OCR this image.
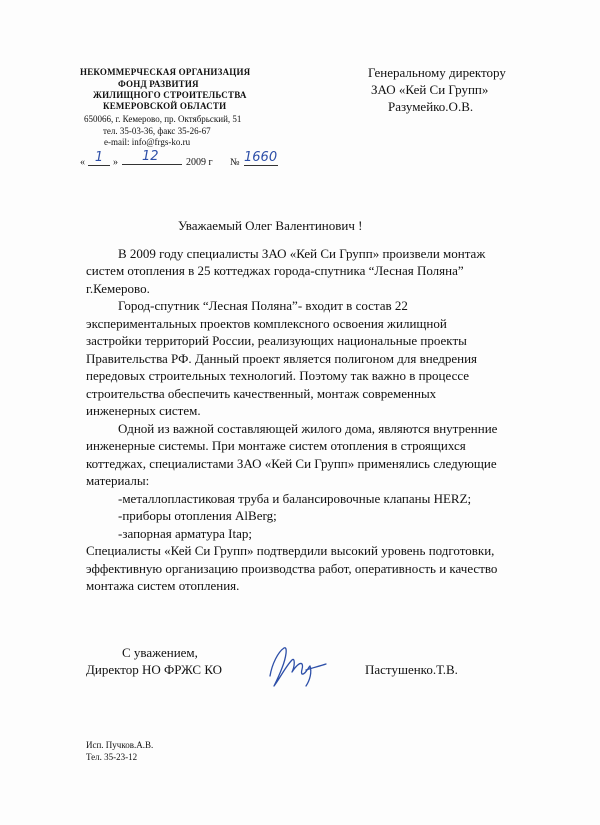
НЕКОММЕРЧЕСКАЯ ОРГАНИЗАЦИЯ
ФОНД РАЗВИТИЯ
ЖИЛИЩНОГО СТРОИТЕЛЬСТВА
КЕМЕРОВСКОЙ ОБЛАСТИ
650066, г. Кемерово, пр. Октябрьский, 51
тел. 35-03-36, факс 35-26-67
e-mail: info@frgs-ko.ru
« 1 »	12	2009 г № 1660
Генеральному директору
ЗАО «Кей Си Групп»
Разумейко.О.В.
Уважаемый Олег Валентинович !
В 2009 году специалисты ЗАО «Кей Си Групп» произвели монтаж
систем отопления в 25 коттеджах города-спутника “Лесная Поляна”
г.Кемерово.
Город-спутник “Лесная Поляна”- входит в состав 22
экспериментальных проектов комплексного освоения жилищной
застройки территорий России, реализующих национальные проекты
Правительства РФ. Данный проект является полигоном для внедрения
передовых строительных технологий. Поэтому так важно в процессе
строительства обеспечить качественный, монтаж современных
инженерных систем.
Одной из важной составляющей жилого дома, являются внутренние
инженерные системы. При монтаже систем отопления в строящихся
коттеджах, специалистами ЗАО «Кей Си Групп» применялись следующие
материалы:
-металлопластиковая труба и балансировочные клапаны HERZ;
-приборы отопления AlBerg;
-запорная арматура Itap;
Специалисты «Кей Си Групп» подтвердили высокий уровень подготовки,
эффективную организацию производства работ, оперативность и качество
монтажа систем отопления.
С уважением,
Директор НО ФРЖС КО	Пастушенко.Т.В.
Исп. Пучков.А.В.
Тел. 35-23-12
